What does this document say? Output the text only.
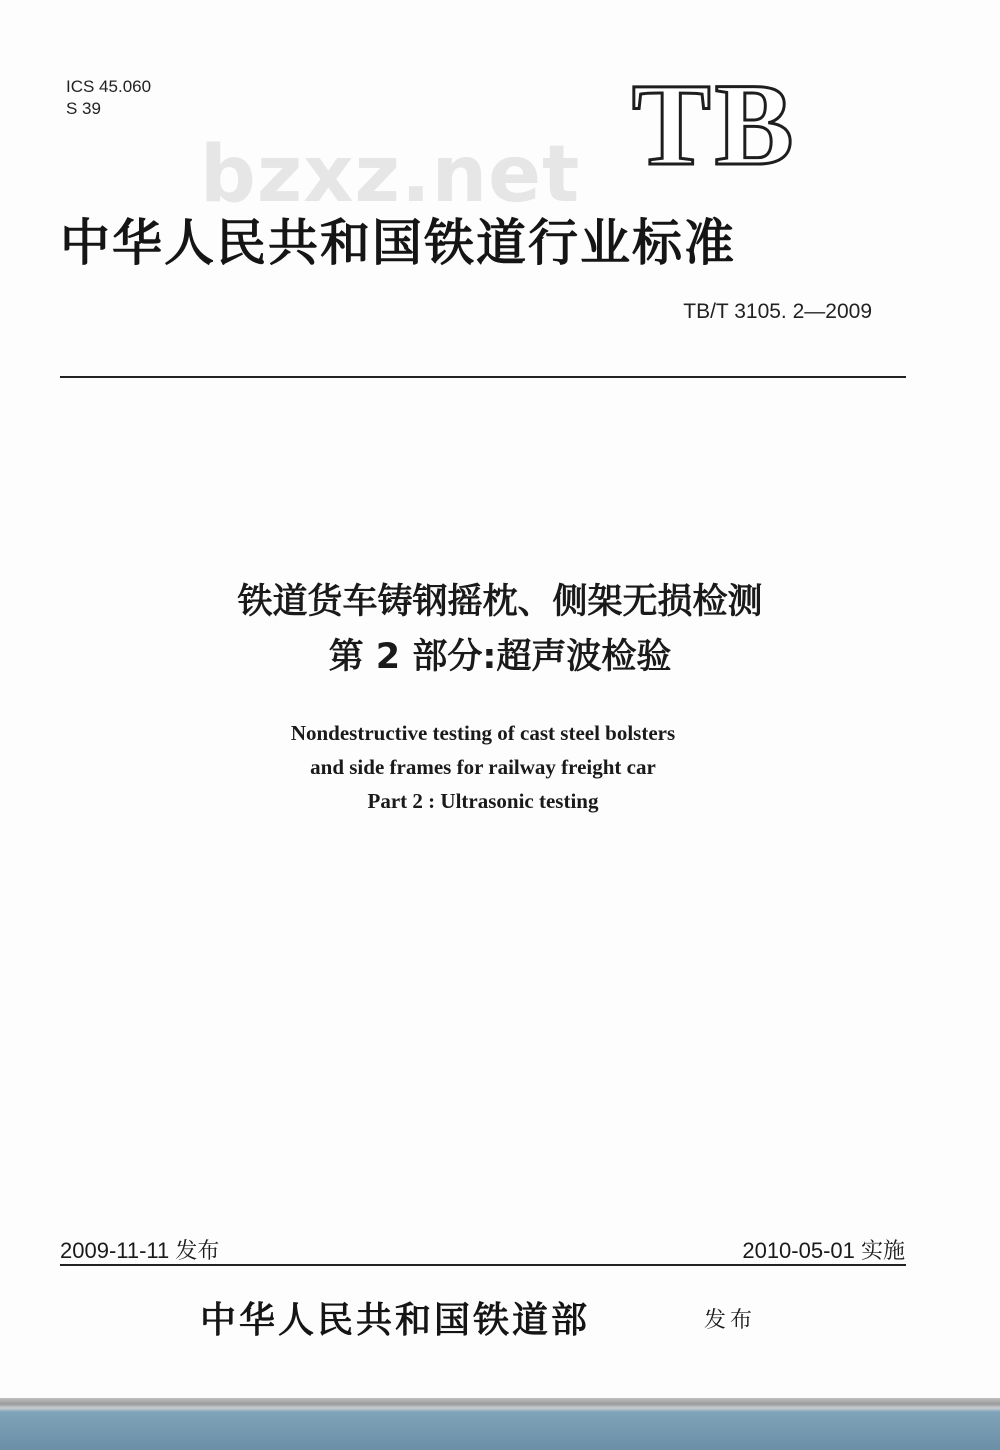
ICS 45.060
S 39
bzxz.net TB
中华人民共和国铁道行业标准
TB/T 3105. 2—2009
铁道货车铸钢摇枕、侧架无损检测
第 2 部分:超声波检验
Nondestructive testing of cast steel bolsters
and side frames for railway freight car
Part 2 : Ultrasonic testing
2009-11-11 发布	2010-05-01 实施
中华人民共和国铁道部	发布
